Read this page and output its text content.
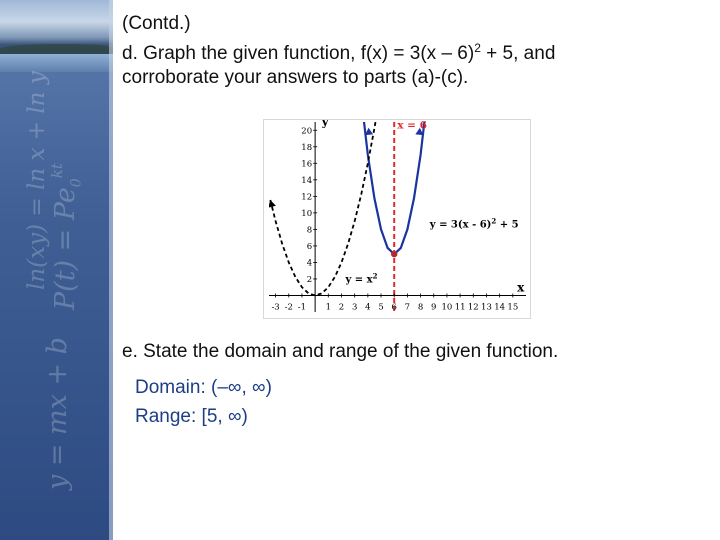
ln(xy) = ln x + ln y $P(t) = Pe_0^{kt}$
y = mx + b
(Contd.)
d. Graph the given function, f(x) = 3(x – 6)$^2$ + 5, and
corroborate your answers to parts (a)-(c).
-3 -2 -1 1 2 3 4 5 6 7 8 9 10 11 12 13 14 15
2
4
6
8
10
12
14
16
18
20
x
y	x = 6
y = 3(x - 6)$^2$ + 5
$y = x^2$
e. State the domain and range of the given function.
Domain: (–∞, ∞)
Range: [5, ∞)
